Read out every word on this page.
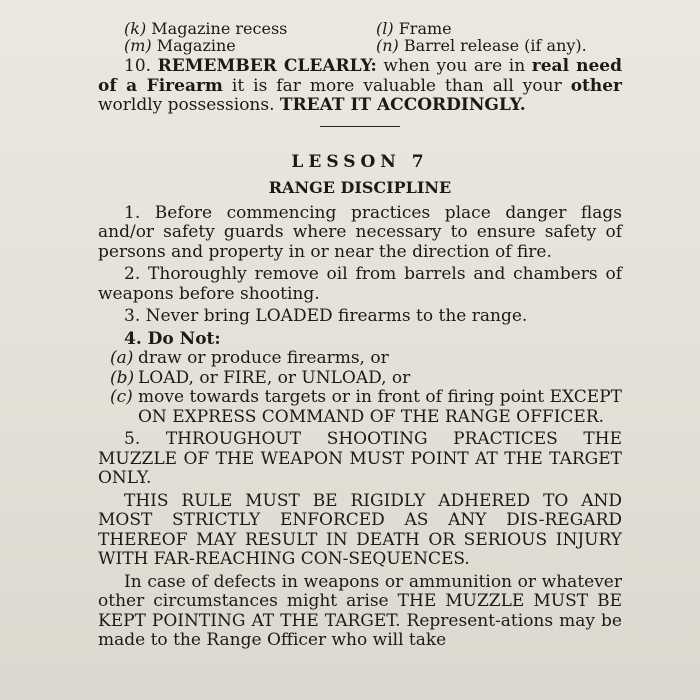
(k) Magazine recess	(l) Frame
(m) Magazine	(n) Barrel release (if any).

10. REMEMBER CLEARLY: when you are in real need of a Firearm it is far more valuable than all your other worldly possessions. TREAT IT ACCORDINGLY.

LESSON 7
RANGE DISCIPLINE

1. Before commencing practices place danger flags and/or safety guards where necessary to ensure safety of persons and property in or near the direction of fire.

2. Thoroughly remove oil from barrels and chambers of weapons before shooting.

3. Never bring LOADED firearms to the range.

4. Do Not:

(a) draw or produce firearms, or
(b) LOAD, or FIRE, or UNLOAD, or
(c) move towards targets or in front of firing point EXCEPT ON EXPRESS COMMAND OF THE RANGE OFFICER.

5. THROUGHOUT SHOOTING PRACTICES THE MUZZLE OF THE WEAPON MUST POINT AT THE TARGET ONLY.

THIS RULE MUST BE RIGIDLY ADHERED TO AND MOST STRICTLY ENFORCED AS ANY DIS-REGARD THEREOF MAY RESULT IN DEATH OR SERIOUS INJURY WITH FAR-REACHING CON-SEQUENCES.

In case of defects in weapons or ammunition or whatever other circumstances might arise THE MUZZLE MUST BE KEPT POINTING AT THE TARGET. Represent-ations may be made to the Range Officer who will take
